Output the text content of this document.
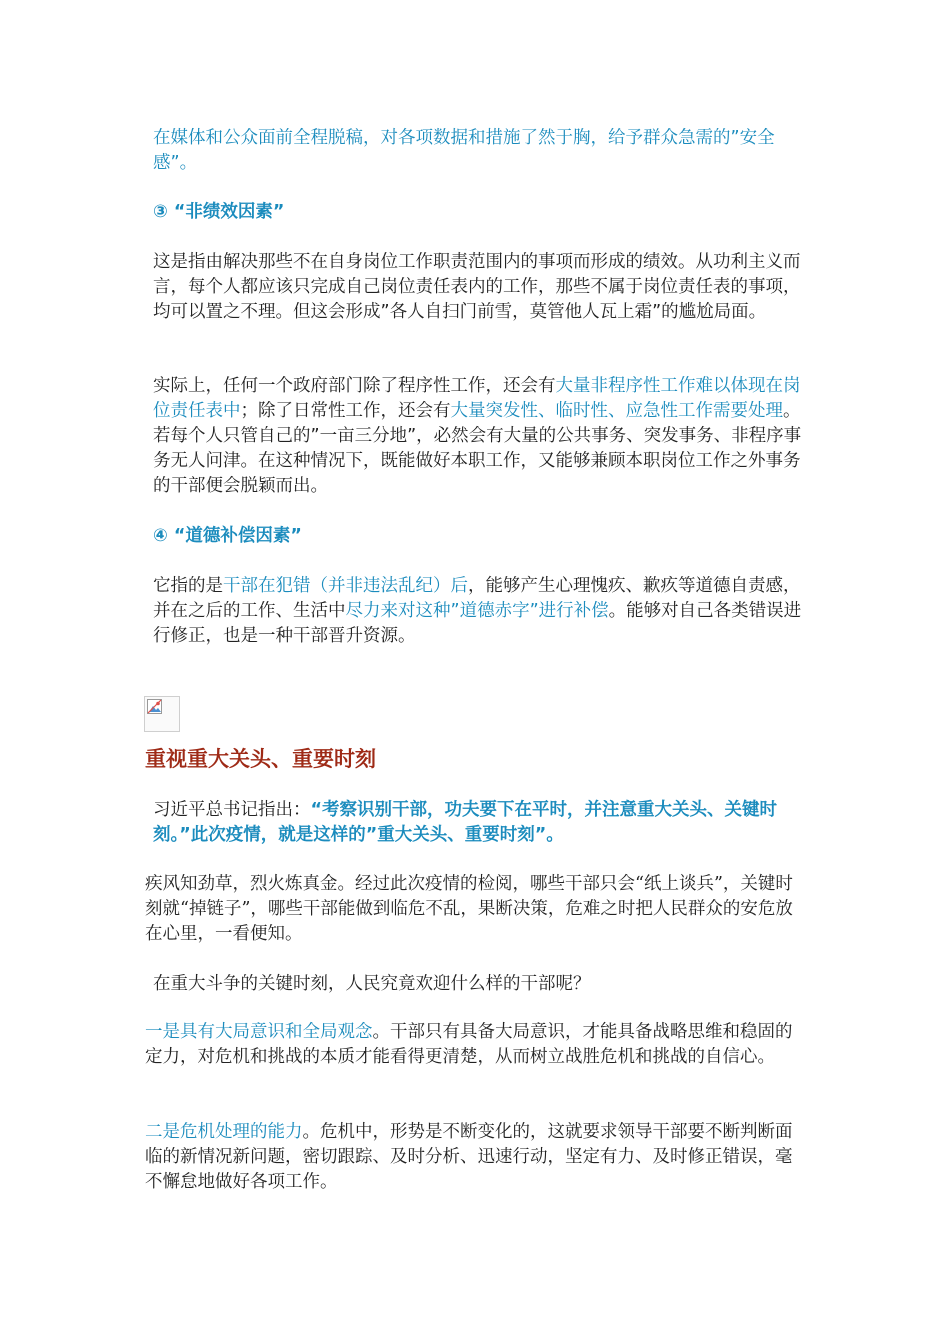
在媒体和公众面前全程脱稿，对各项数据和措施了然于胸，给予群众急需的”安全感”。

③ “非绩效因素”

这是指由解决那些不在自身岗位工作职责范围内的事项而形成的绩效。从功利主义而言，每个人都应该只完成自己岗位责任表内的工作，那些不属于岗位责任表的事项，均可以置之不理。但这会形成”各人自扫门前雪，莫管他人瓦上霜”的尴尬局面。

实际上，任何一个政府部门除了程序性工作，还会有大量非程序性工作难以体现在岗位责任表中；除了日常性工作，还会有大量突发性、临时性、应急性工作需要处理。若每个人只管自己的”一亩三分地”，必然会有大量的公共事务、突发事务、非程序事务无人问津。在这种情况下，既能做好本职工作，又能够兼顾本职岗位工作之外事务的干部便会脱颖而出。

④ “道德补偿因素”

它指的是干部在犯错（并非违法乱纪）后，能够产生心理愧疚、歉疚等道德自责感，并在之后的工作、生活中尽力来对这种”道德赤字”进行补偿。能够对自己各类错误进行修正，也是一种干部晋升资源。

重视重大关头、重要时刻

习近平总书记指出：“考察识别干部，功夫要下在平时，并注意重大关头、关键时刻。”此次疫情，就是这样的”重大关头、重要时刻”。

疾风知劲草，烈火炼真金。经过此次疫情的检阅，哪些干部只会“纸上谈兵”，关键时刻就“掉链子”，哪些干部能做到临危不乱，果断决策，危难之时把人民群众的安危放在心里，一看便知。

在重大斗争的关键时刻，人民究竟欢迎什么样的干部呢？

一是具有大局意识和全局观念。干部只有具备大局意识，才能具备战略思维和稳固的定力，对危机和挑战的本质才能看得更清楚，从而树立战胜危机和挑战的自信心。

二是危机处理的能力。危机中，形势是不断变化的，这就要求领导干部要不断判断面临的新情况新问题，密切跟踪、及时分析、迅速行动，坚定有力、及时修正错误，毫不懈怠地做好各项工作。
